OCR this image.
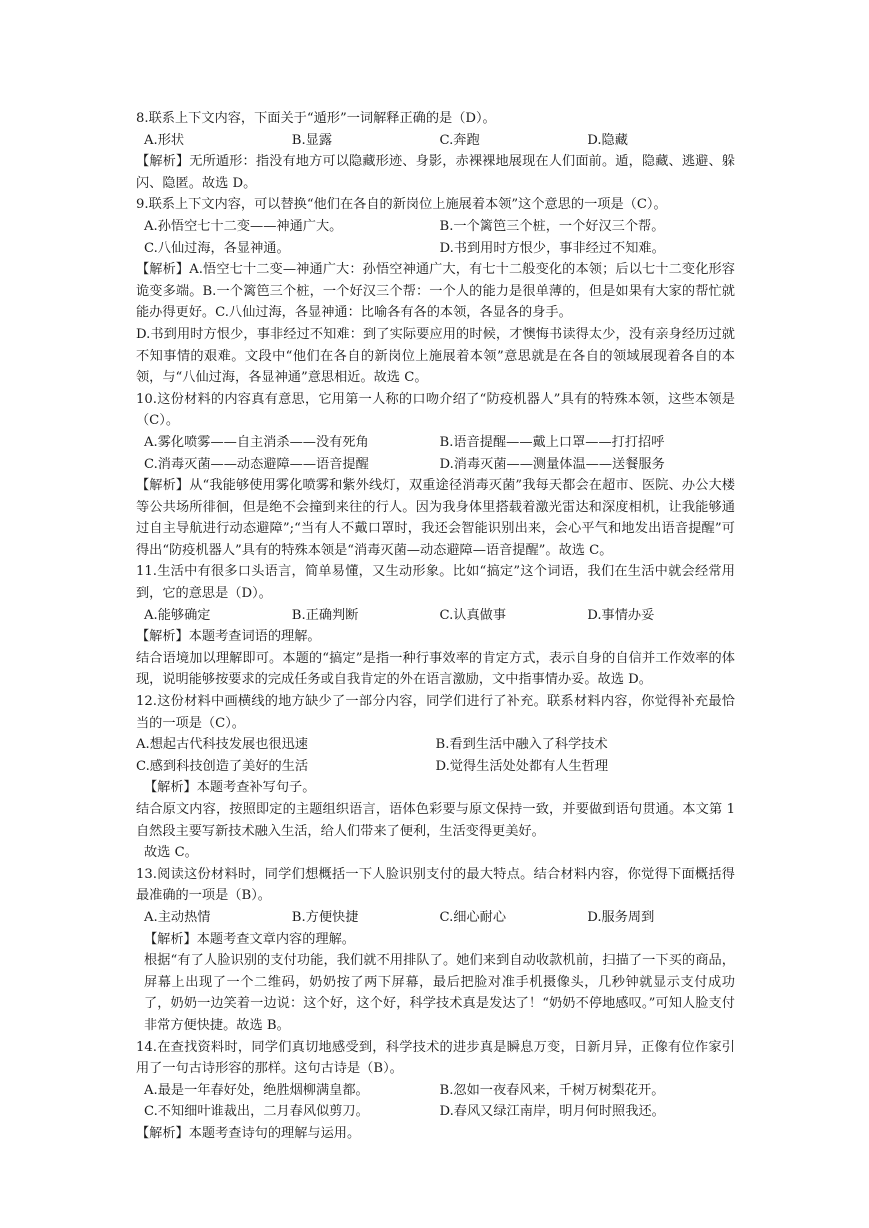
8.联系上下文内容，下面关于“遁形”一词解释正确的是（D）。
A.形状	B.显露	C.奔跑	D.隐藏
【解析】无所遁形：指没有地方可以隐藏形迹、身影，赤裸裸地展现在人们面前。遁，隐藏、逃避、躲闪、隐匿。故选 D。
9.联系上下文内容，可以替换“他们在各自的新岗位上施展着本领”这个意思的一项是（C）。
A.孙悟空七十二变——神通广大。	B.一个篱笆三个桩，一个好汉三个帮。
C.八仙过海，各显神通。	D.书到用时方恨少，事非经过不知难。
【解析】A.悟空七十二变—神通广大：孙悟空神通广大，有七十二般变化的本领；后以七十二变化形容诡变多端。B.一个篱笆三个桩，一个好汉三个帮：一个人的能力是很单薄的，但是如果有大家的帮忙就能办得更好。C.八仙过海，各显神通：比喻各有各的本领，各显各的身手。
D.书到用时方恨少，事非经过不知难：到了实际要应用的时候，才懊悔书读得太少，没有亲身经历过就不知事情的艰难。文段中“他们在各自的新岗位上施展着本领”意思就是在各自的领域展现着各自的本领，与“八仙过海，各显神通”意思相近。故选 C。
10.这份材料的内容真有意思，它用第一人称的口吻介绍了“防疫机器人”具有的特殊本领，这些本领是（C）。
A.雾化喷雾——自主消杀——没有死角	B.语音提醒——戴上口罩——打打招呼
C.消毒灭菌——动态避障——语音提醒	D.消毒灭菌——测量体温——送餐服务
【解析】从“我能够使用雾化喷雾和紫外线灯，双重途径消毒灭菌”我每天都会在超市、医院、办公大楼等公共场所徘徊，但是绝不会撞到来往的行人。因为我身体里搭载着激光雷达和深度相机，让我能够通过自主导航进行动态避障”;“当有人不戴口罩时，我还会智能识别出来，会心平气和地发出语音提醒”可得出“防疫机器人”具有的特殊本领是“消毒灭菌—动态避障—语音提醒”。故选 C。
11.生活中有很多口头语言，简单易懂，又生动形象。比如“搞定”这个词语，我们在生活中就会经常用到，它的意思是（D）。
A.能够确定	B.正确判断	C.认真做事	D.事情办妥
【解析】本题考查词语的理解。
结合语境加以理解即可。本题的“搞定”是指一种行事效率的肯定方式，表示自身的自信并工作效率的体现，说明能够按要求的完成任务或自我肯定的外在语言激励，文中指事情办妥。故选 D。
12.这份材料中画横线的地方缺少了一部分内容，同学们进行了补充。联系材料内容，你觉得补充最恰当的一项是（C）。
A.想起古代科技发展也很迅速	B.看到生活中融入了科学技术
C.感到科技创造了美好的生活	D.觉得生活处处都有人生哲理
【解析】本题考查补写句子。
结合原文内容，按照即定的主题组织语言，语体色彩要与原文保持一致，并要做到语句贯通。本文第 1 自然段主要写新技术融入生活，给人们带来了便利，生活变得更美好。
故选 C。
13.阅读这份材料时，同学们想概括一下人脸识别支付的最大特点。结合材料内容，你觉得下面概括得最准确的一项是（B）。
A.主动热情	B.方便快捷	C.细心耐心	D.服务周到
【解析】本题考查文章内容的理解。
根据“有了人脸识别的支付功能，我们就不用排队了。她们来到自动收款机前，扫描了一下买的商品，屏幕上出现了一个二维码，奶奶按了两下屏幕，最后把脸对准手机摄像头，几秒钟就显示支付成功了，奶奶一边笑着一边说：这个好，这个好，科学技术真是发达了！“奶奶不停地感叹。”可知人脸支付非常方便快捷。故选 B。
14.在查找资料时，同学们真切地感受到，科学技术的进步真是瞬息万变，日新月异，正像有位作家引用了一句古诗形容的那样。这句古诗是（B）。
A.最是一年春好处，绝胜烟柳满皇都。	B.忽如一夜春风来，千树万树梨花开。
C.不知细叶谁裁出，二月春风似剪刀。	D.春风又绿江南岸，明月何时照我还。
【解析】本题考查诗句的理解与运用。
